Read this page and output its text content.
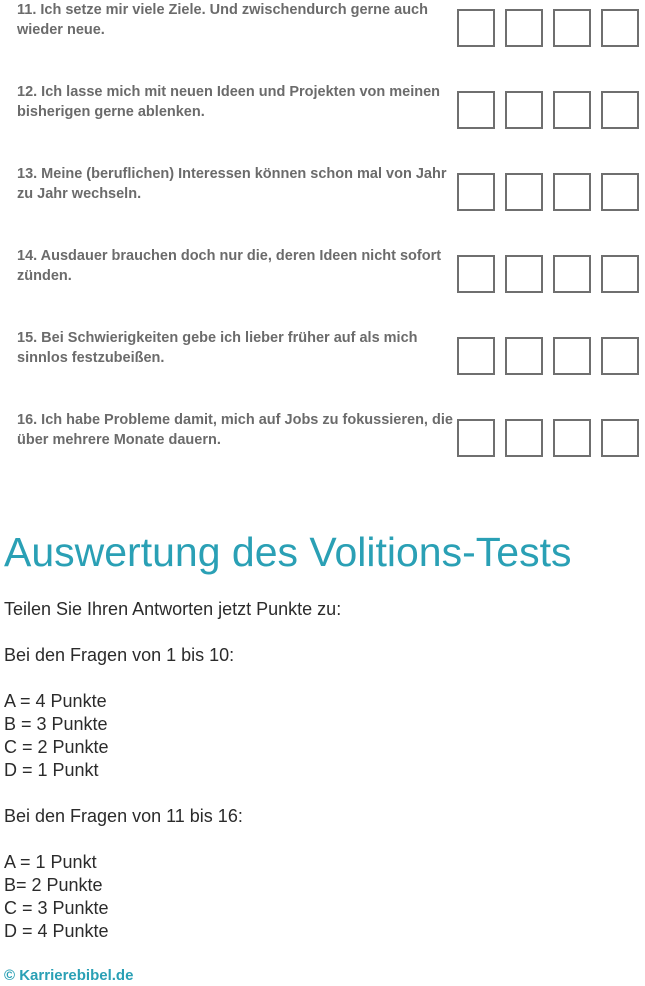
11. Ich setze mir viele Ziele. Und zwischendurch gerne auch wieder neue.
12. Ich lasse mich mit neuen Ideen und Projekten von meinen bisherigen gerne ablenken.
13. Meine (beruflichen) Interessen können schon mal von Jahr zu Jahr wechseln.
14. Ausdauer brauchen doch nur die, deren Ideen nicht sofort zünden.
15. Bei Schwierigkeiten gebe ich lieber früher auf als mich sinnlos festzubeißen.
16. Ich habe Probleme damit, mich auf Jobs zu fokussieren, die über mehrere Monate dauern.
Auswertung des Volitions-Tests
Teilen Sie Ihren Antworten jetzt Punkte zu:
Bei den Fragen von 1 bis 10:
A = 4 Punkte
B = 3 Punkte
C = 2 Punkte
D = 1 Punkt
Bei den Fragen von 11 bis 16:
A = 1 Punkt
B= 2 Punkte
C = 3 Punkte
D = 4 Punkte
© Karrierebibel.de
